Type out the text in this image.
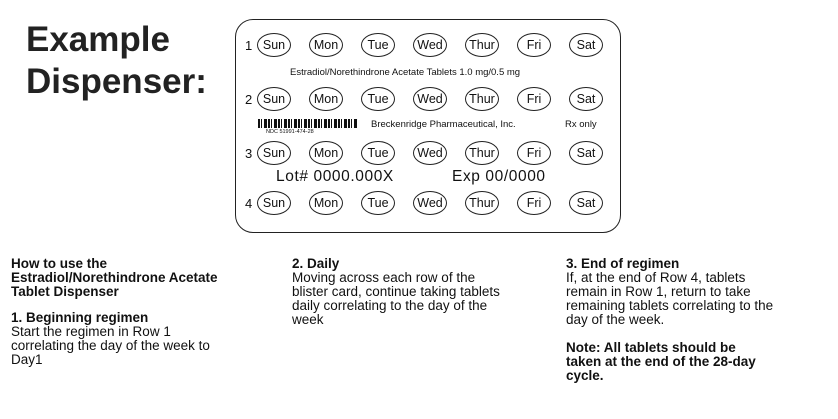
Example
Dispenser:
1 Sun	Mon	Tue	Wed	Thur	Fri	Sat
Estradiol/Norethindrone Acetate Tablets 1.0 mg/0.5 mg
2 Sun	Mon	Tue	Wed	Thur	Fri	Sat
NDC 51991-474-28
Breckenridge Pharmaceutical, Inc.	Rx only
3 Sun	Mon	Tue	Wed	Thur	Fri	Sat
Lot# 0000.000X	Exp 00/0000
4 Sun	Mon	Tue	Wed	Thur	Fri	Sat
How to use the
Estradiol/Norethindrone Acetate
Tablet Dispenser
1. Beginning regimen
Start the regimen in Row 1
correlating the day of the week to
Day1
2. Daily
Moving across each row of the
blister card, continue taking tablets
daily correlating to the day of the
week
3. End of regimen
If, at the end of Row 4, tablets
remain in Row 1, return to take
remaining tablets correlating to the
day of the week.
Note: All tablets should be
taken at the end of the 28-day
cycle.
